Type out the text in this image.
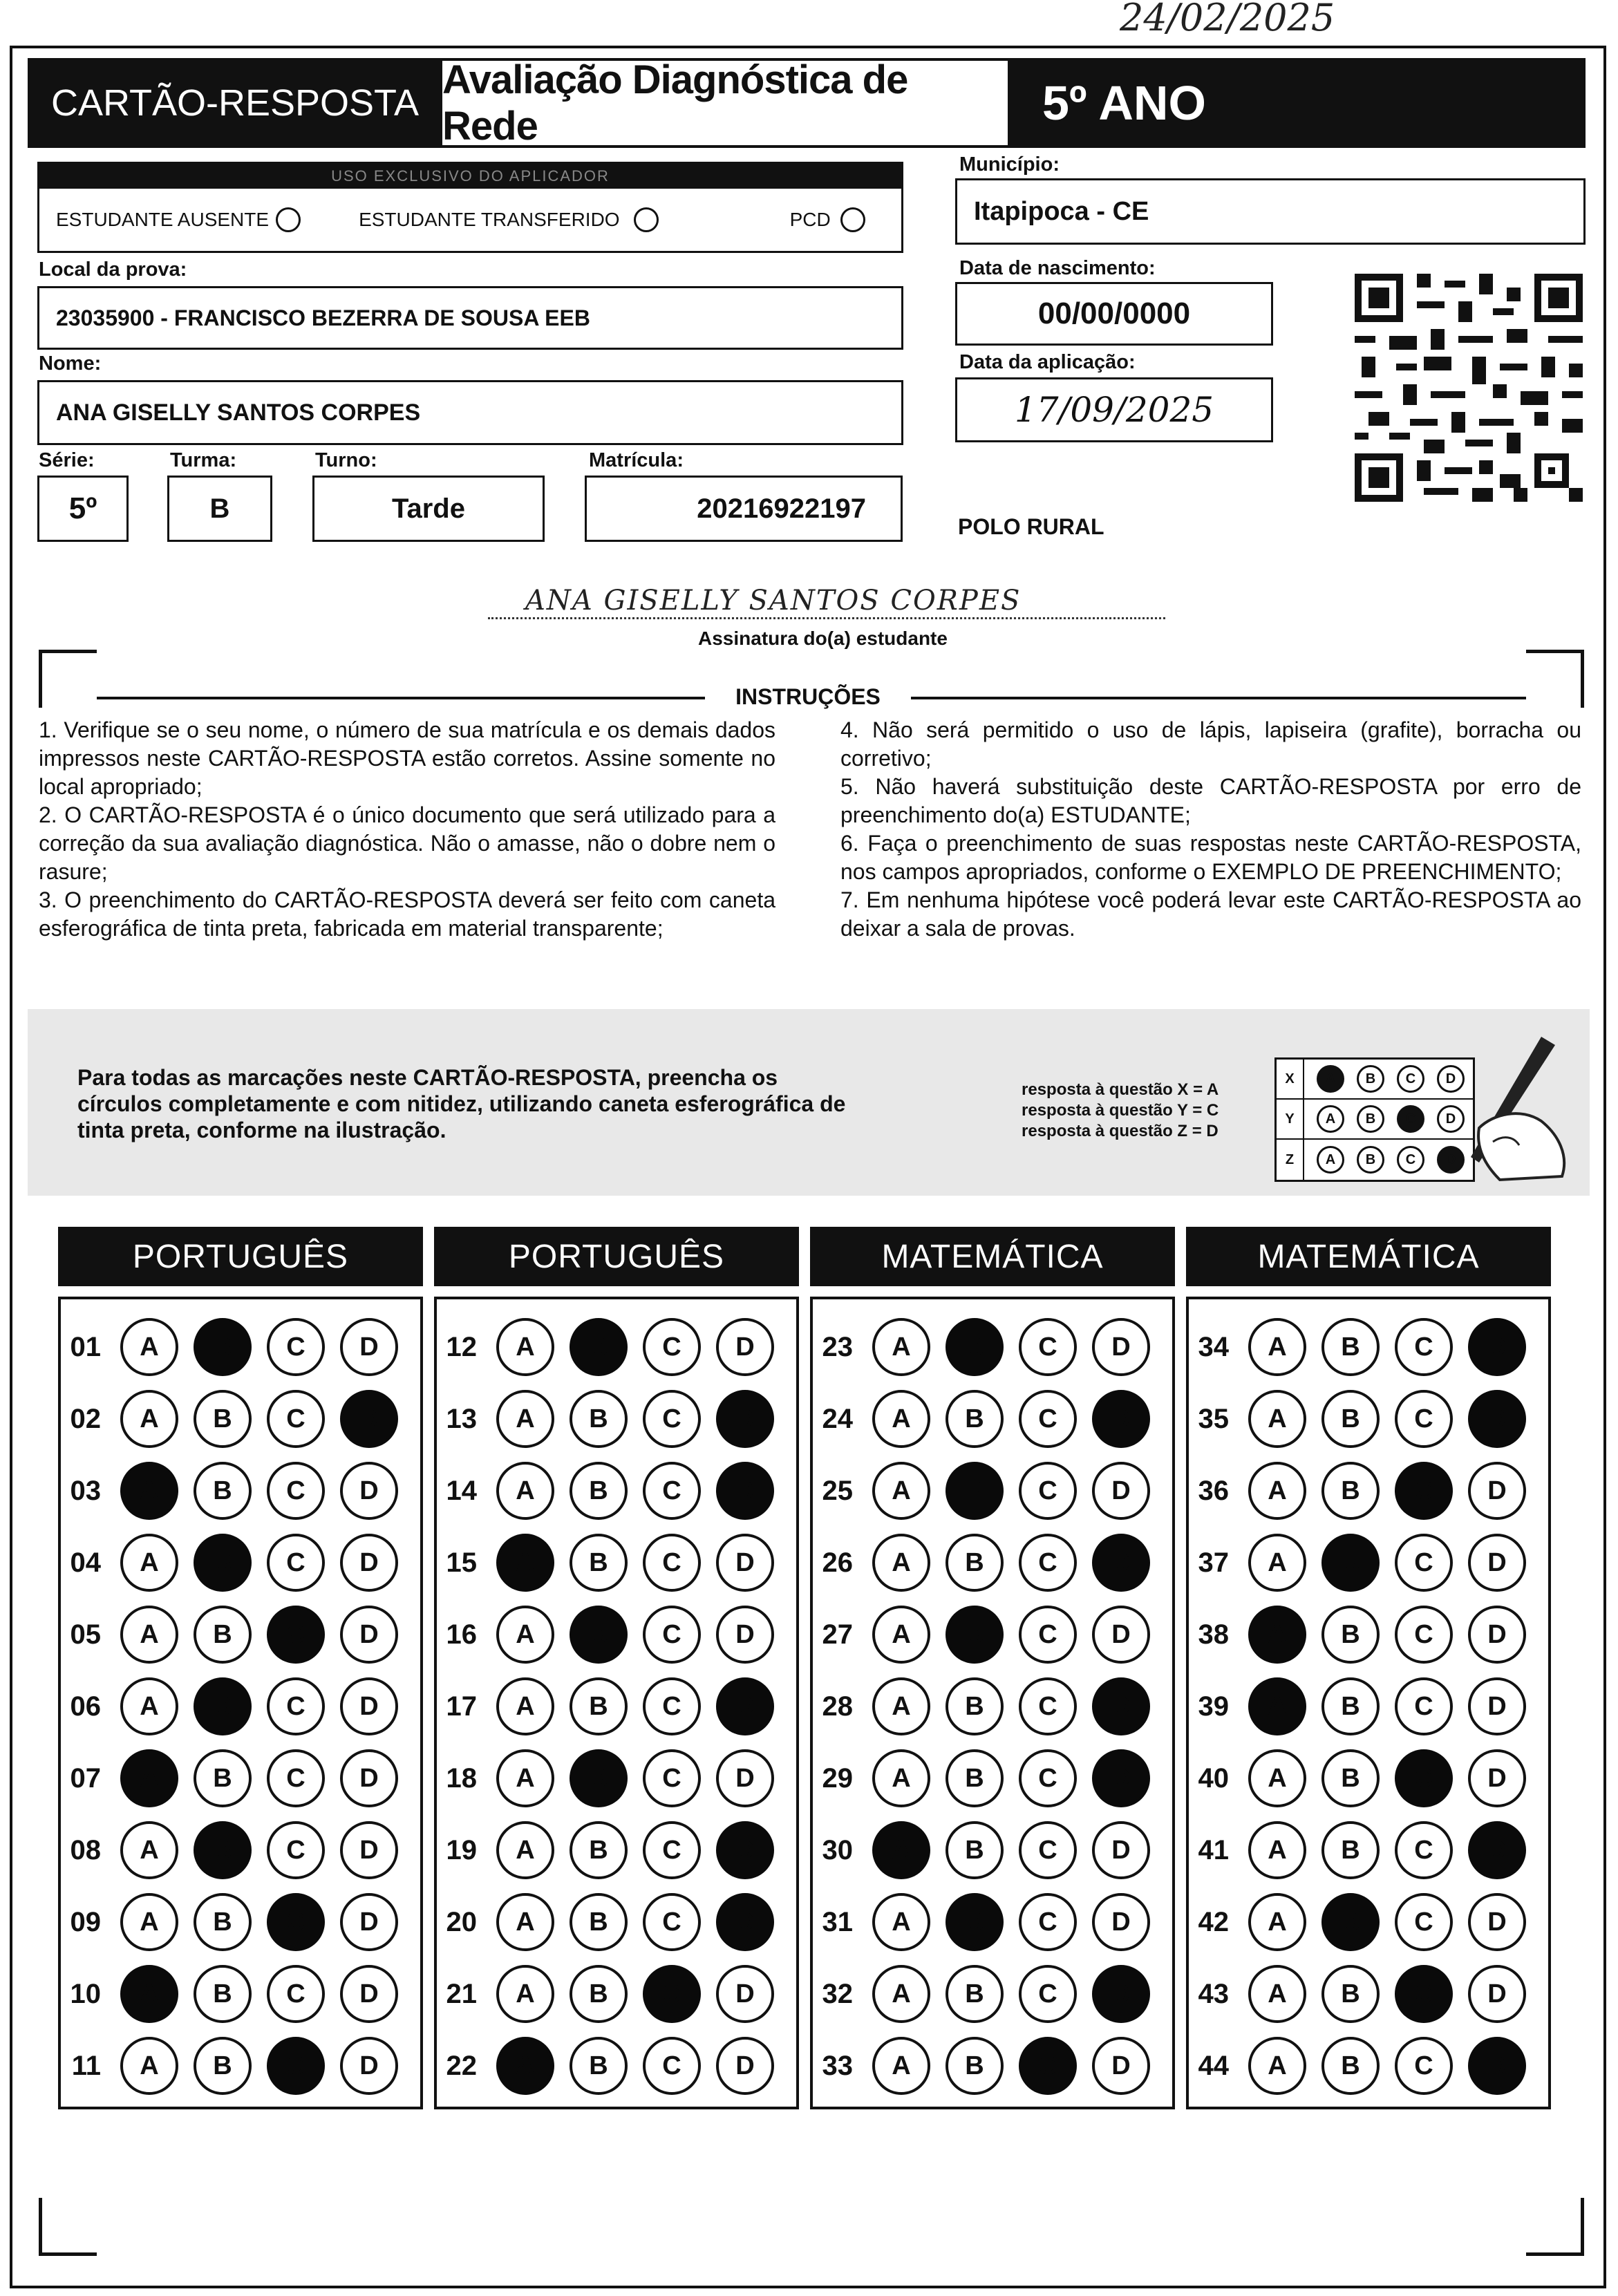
24/02/2025
CARTÃO-RESPOSTA
Avaliação Diagnóstica de Rede	5º ANO
USO EXCLUSIVO DO APLICADOR
ESTUDANTE AUSENTE	ESTUDANTE TRANSFERIDO	PCD
Município:
Itapipoca - CE
Local da prova:
23035900 - FRANCISCO BEZERRA DE SOUSA EEB
Data de nascimento:
00/00/0000
Nome:
ANA GISELLY SANTOS CORPES
Data da aplicação:
17/09/2025
Série:
5º
Turma:
B
Turno:
Tarde
Matrícula:
20216922197
POLO RURAL
ANA GISELLY SANTOS CORPES
Assinatura do(a) estudante
INSTRUÇÕES

1. Verifique se o seu nome, o número de sua matrícula e os demais dados impressos neste CARTÃO-RESPOSTA estão corretos. Assine somente no local apropriado;

2. O CARTÃO-RESPOSTA é o único documento que será utilizado para a correção da sua avaliação diagnóstica. Não o amasse, não o dobre nem o rasure;

3. O preenchimento do CARTÃO-RESPOSTA deverá ser feito com caneta esferográfica de tinta preta, fabricada em material transparente;

4. Não será permitido o uso de lápis, lapiseira (grafite), borracha ou corretivo;

5. Não haverá substituição deste CARTÃO-RESPOSTA por erro de preenchimento do(a) ESTUDANTE;

6. Faça o preenchimento de suas respostas neste CARTÃO-RESPOSTA, nos campos apropriados, conforme o EXEMPLO DE PREENCHIMENTO;

7. Em nenhuma hipótese você poderá levar este CARTÃO-RESPOSTA ao deixar a sala de provas.

Para todas as marcações neste CARTÃO-RESPOSTA, preencha os círculos completamente e com nitidez, utilizando caneta esferográfica de tinta preta, conforme na ilustração.
resposta à questão X = A
resposta à questão Y = C
resposta à questão Z = D
X	A	B	C	D
Y	A	B	C	D
Z	A	B	C	D
PORTUGUÊS
01	A	B	C	D
02	A	B	C	D
03	A	B	C	D
04	A	B	C	D
05	A	B	C	D
06	A	B	C	D
07	A	B	C	D
08	A	B	C	D
09	A	B	C	D
10	A	B	C	D
11	A	B	C	D
PORTUGUÊS
12	A	B	C	D
13	A	B	C	D
14	A	B	C	D
15	A	B	C	D
16	A	B	C	D
17	A	B	C	D
18	A	B	C	D
19	A	B	C	D
20	A	B	C	D
21	A	B	C	D
22	A	B	C	D
MATEMÁTICA
23	A	B	C	D
24	A	B	C	D
25	A	B	C	D
26	A	B	C	D
27	A	B	C	D
28	A	B	C	D
29	A	B	C	D
30	A	B	C	D
31	A	B	C	D
32	A	B	C	D
33	A	B	C	D
MATEMÁTICA
34	A	B	C	D
35	A	B	C	D
36	A	B	C	D
37	A	B	C	D
38	A	B	C	D
39	A	B	C	D
40	A	B	C	D
41	A	B	C	D
42	A	B	C	D
43	A	B	C	D
44	A	B	C	D
